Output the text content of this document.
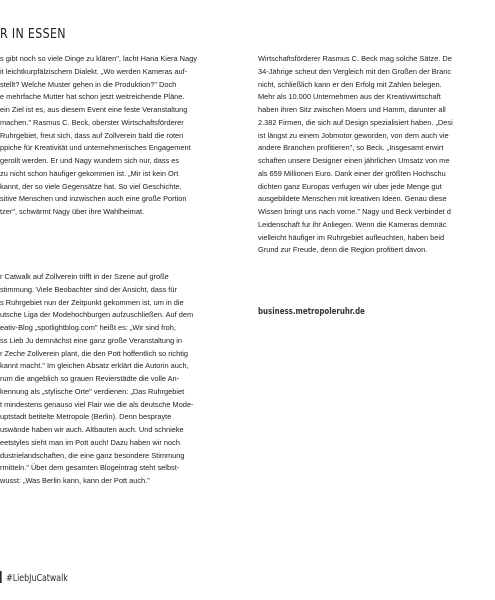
R IN ESSEN

s gibt noch so viele Dinge zu klären", lacht Hana Kiera Nagy

it leichtkurpfälzischem Dialekt. „Wo werden Kameras auf-

stellt? Welche Muster gehen in die Produktion?" Doch

e mehrfache Mutter hat schon jetzt weitreichende Pläne.

ein Ziel ist es, aus diesem Event eine feste Veranstaltung

machen." Rasmus C. Beck, oberster Wirtschaftsförderer

Ruhrgebiet, freut sich, dass auf Zollverein bald die roten

ppiche für Kreativität und unternehmerisches Engagement

gerollt werden. Er und Nagy wundern sich nur, dass es

zu nicht schon häufiger gekommen ist. „Mir ist kein Ort

kannt, der so viele Gegensätze hat. So viel Geschichte,

sitive Menschen und inzwischen auch eine große Portion

tzer", schwärmt Nagy über ihre Wahlheimat.

r Catwalk auf Zollverein trifft in der Szene auf große

stimmung. Viele Beobachter sind der Ansicht, dass für

s Ruhrgebiet nun der Zeitpunkt gekommen ist, um in die

utsche Liga der Modehochburgen aufzuschließen. Auf dem

eativ-Blog „spotlightblog.com" heißt es: „Wir sind froh,

ss Lieb Ju demnächst eine ganz große Veranstaltung in

r Zeche Zollverein plant, die den Pott hoffentlich so richtig

kannt macht." Im gleichen Absatz erklärt die Autorin auch,

rum die angeblich so grauen Revierstädte die volle An-

kennung als „stylische Orte" verdienen: „Das Ruhrgebiet

t mindestens genauso viel Flair wie die als deutsche Mode-

uptstadt betitelte Metropole (Berlin). Denn besprayte

uswände haben wir auch. Altbauten auch. Und schnieke

eetstyles sieht man im Pott auch! Dazu haben wir noch

dustrielandschaften, die eine ganz besondere Stimmung

rmitteln." Über dem gesamten Blogeintrag steht selbst-

wusst: „Was Berlin kann, kann der Pott auch."

Wirtschaftsförderer Rasmus C. Beck mag solche Sätze. De

34-Jährige scheut den Vergleich mit den Großen der Branc

nicht, schließlich kann er den Erfolg mit Zahlen belegen.

Mehr als 10.000 Unternehmen aus der Kreativwirtschaft

haben ihren Sitz zwischen Moers und Hamm, darunter all

2.382 Firmen, die sich auf Design spezialisiert haben. „Desi

ist längst zu einem Jobmotor geworden, von dem auch vie

andere Branchen profitieren", so Beck. „Insgesamt erwirt

schaften unsere Designer einen jährlichen Umsatz von me

als 659 Millionen Euro. Dank einer der größten Hochschu

dichten ganz Europas verfugen wir uber jede Menge gut

ausgebildete Menschen mit kreativen Ideen. Genau diese

Wissen bringt uns nach vorne." Nagy und Beck verbindet d

Leidenschaft fur ihr Anliegen. Wenn die Kameras demnäc

vielleicht häufiger im Ruhrgebiet aufleuchten, haben beid

Grund zur Freude, denn die Region profitiert davon.

business.metropoleruhr.de
#LiebJuCatwalk
